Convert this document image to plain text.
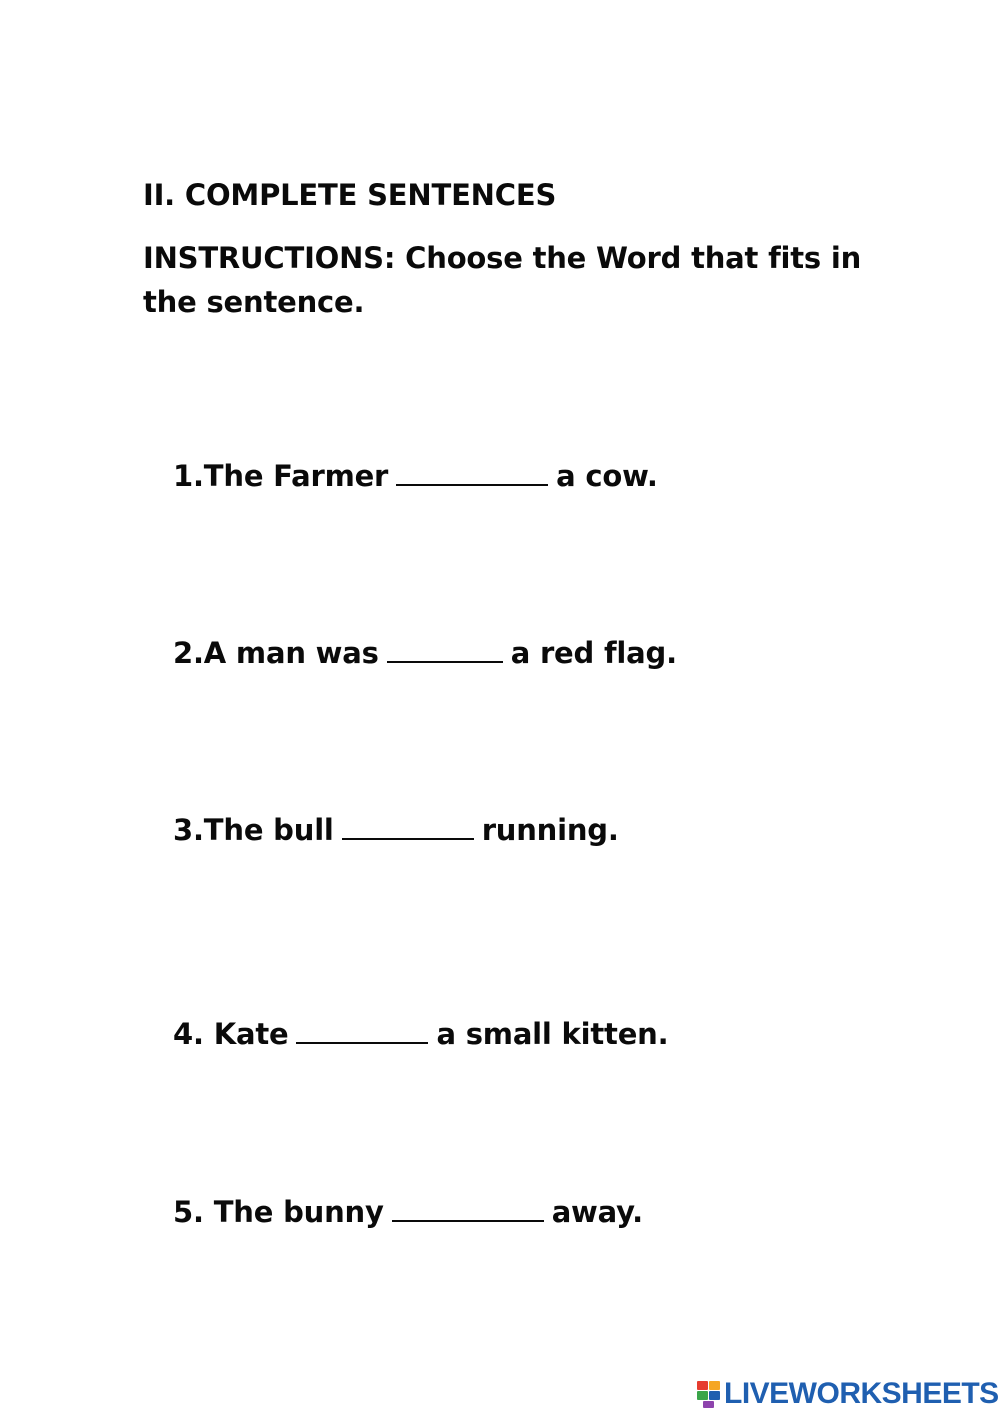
II. COMPLETE SENTENCES
INSTRUCTIONS: Choose the Word that fits in the sentence.
1.The Farmer	a cow.
2.A man was	a red flag.
3.The bull	running.
4. Kate	a small kitten.
5. The bunny	away.
LIVEWORKSHEETS
